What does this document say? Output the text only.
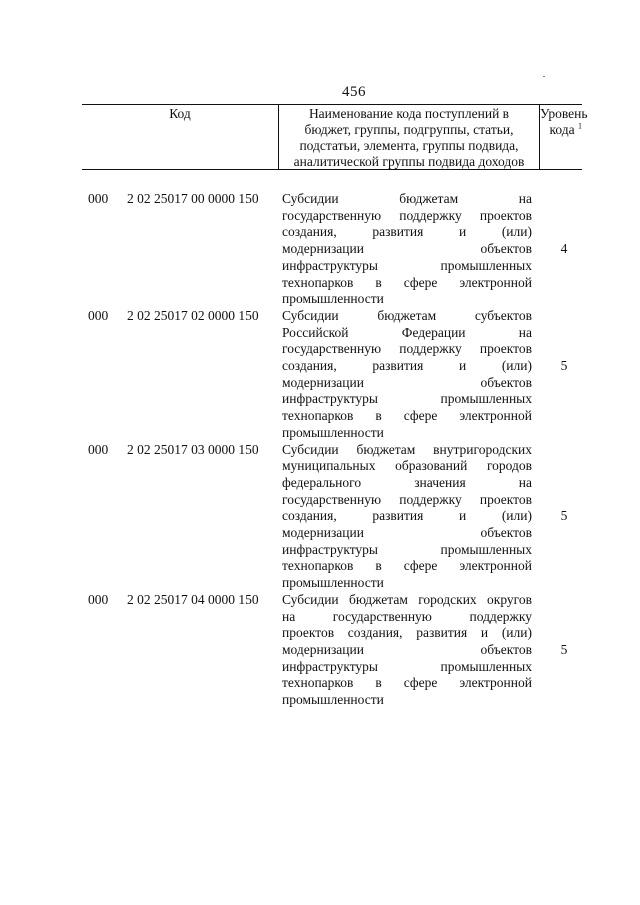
456
Код	Наименование кода поступлений в
бюджет, группы, подгруппы, статьи,
подстатьи, элемента, группы подвида,
аналитической группы подвида доходов
Уровень
кода $^1$
000 2 02 25017 00 0000 150 Субсидии бюджетам на
государственную поддержку проектов
создания, развития и (или)
модернизации объектов
инфраструктуры промышленных
технопарков в сфере электронной
промышленности
4
000 2 02 25017 02 0000 150 Субсидии бюджетам субъектов
Российской Федерации на
государственную поддержку проектов
создания, развития и (или)
модернизации объектов
инфраструктуры промышленных
технопарков в сфере электронной
промышленности
5
000 2 02 25017 03 0000 150 Субсидии бюджетам внутригородских
муниципальных образований городов
федерального значения на
государственную поддержку проектов
создания, развития и (или)
модернизации объектов
инфраструктуры промышленных
технопарков в сфере электронной
промышленности
5
000 2 02 25017 04 0000 150 Субсидии бюджетам городских округов
на государственную поддержку
проектов создания, развития и (или)
модернизации объектов
инфраструктуры промышленных
технопарков в сфере электронной
промышленности
5
